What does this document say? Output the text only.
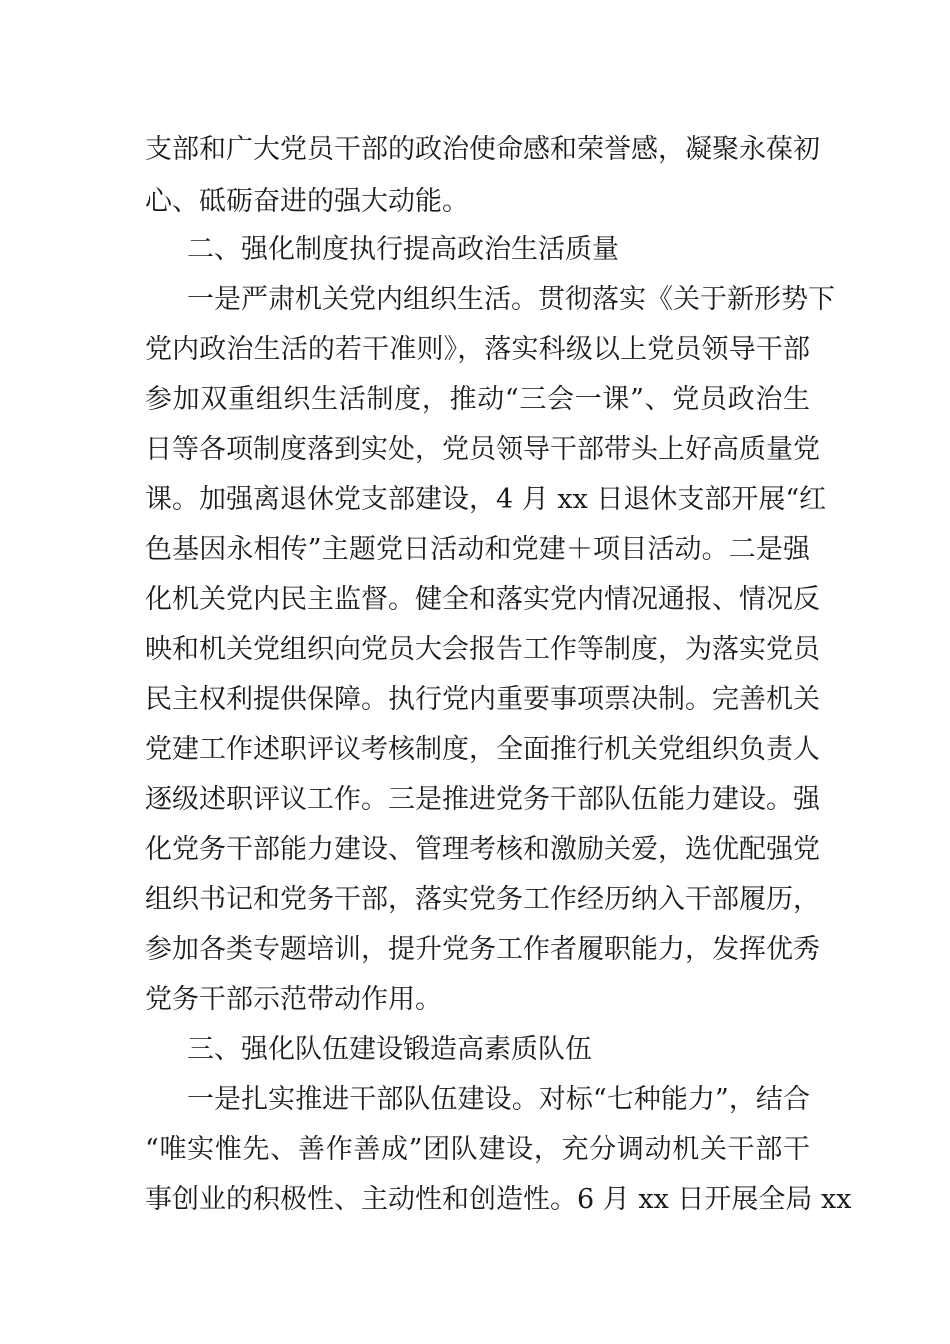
支部和广大党员干部的政治使命感和荣誉感，凝聚永葆初
心、砥砺奋进的强大动能。
二、强化制度执行提高政治生活质量
一是严肃机关党内组织生活。贯彻落实《关于新形势下
党内政治生活的若干准则》，落实科级以上党员领导干部
参加双重组织生活制度，推动“三会一课”、党员政治生
日等各项制度落到实处，党员领导干部带头上好高质量党
课。加强离退休党支部建设，4 月 xx 日退休支部开展“红
色基因永相传”主题党日活动和党建＋项目活动。二是强
化机关党内民主监督。健全和落实党内情况通报、情况反
映和机关党组织向党员大会报告工作等制度，为落实党员
民主权利提供保障。执行党内重要事项票决制。完善机关
党建工作述职评议考核制度，全面推行机关党组织负责人
逐级述职评议工作。三是推进党务干部队伍能力建设。强
化党务干部能力建设、管理考核和激励关爱，选优配强党
组织书记和党务干部，落实党务工作经历纳入干部履历，
参加各类专题培训，提升党务工作者履职能力，发挥优秀
党务干部示范带动作用。
三、强化队伍建设锻造高素质队伍
一是扎实推进干部队伍建设。对标“七种能力”，结合
“唯实惟先、善作善成”团队建设，充分调动机关干部干
事创业的积极性、主动性和创造性。6 月 xx 日开展全局 xx
